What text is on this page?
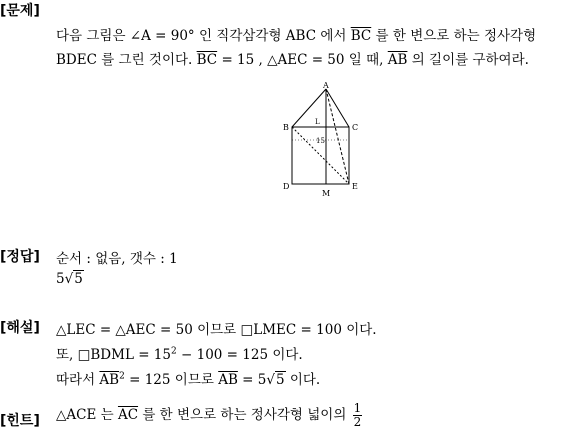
[문제]
다음 그림은 ∠A = 90° 인 직각삼각형 ABC 에서 $\overline{BC}$ 를 한 변으로 하는 정사각형
BDEC 를 그린 것이다. $\overline{BC} = 15$ , △AEC = 50 일 때, $\overline{AB}$ 의 길이를 구하여라.
A
B	C
L
15
D
M
E
[정답] 순서 : 없음, 갯수 : 1
5√5
[해설] △LEC = △AEC = 50 이므로 □LMEC = 100 이다.
또, □BDML = $15^2 - 100 = 125$ 이다.
따라서 $\overline{AB}^2 = 125$ 이므로 $\overline{AB} = 5√5$ 이다.
[힌트] △ACE 는 $\overline{AC}$ 를 한 변으로 하는 정사각형 넓이의 $\frac{1}{2}$
